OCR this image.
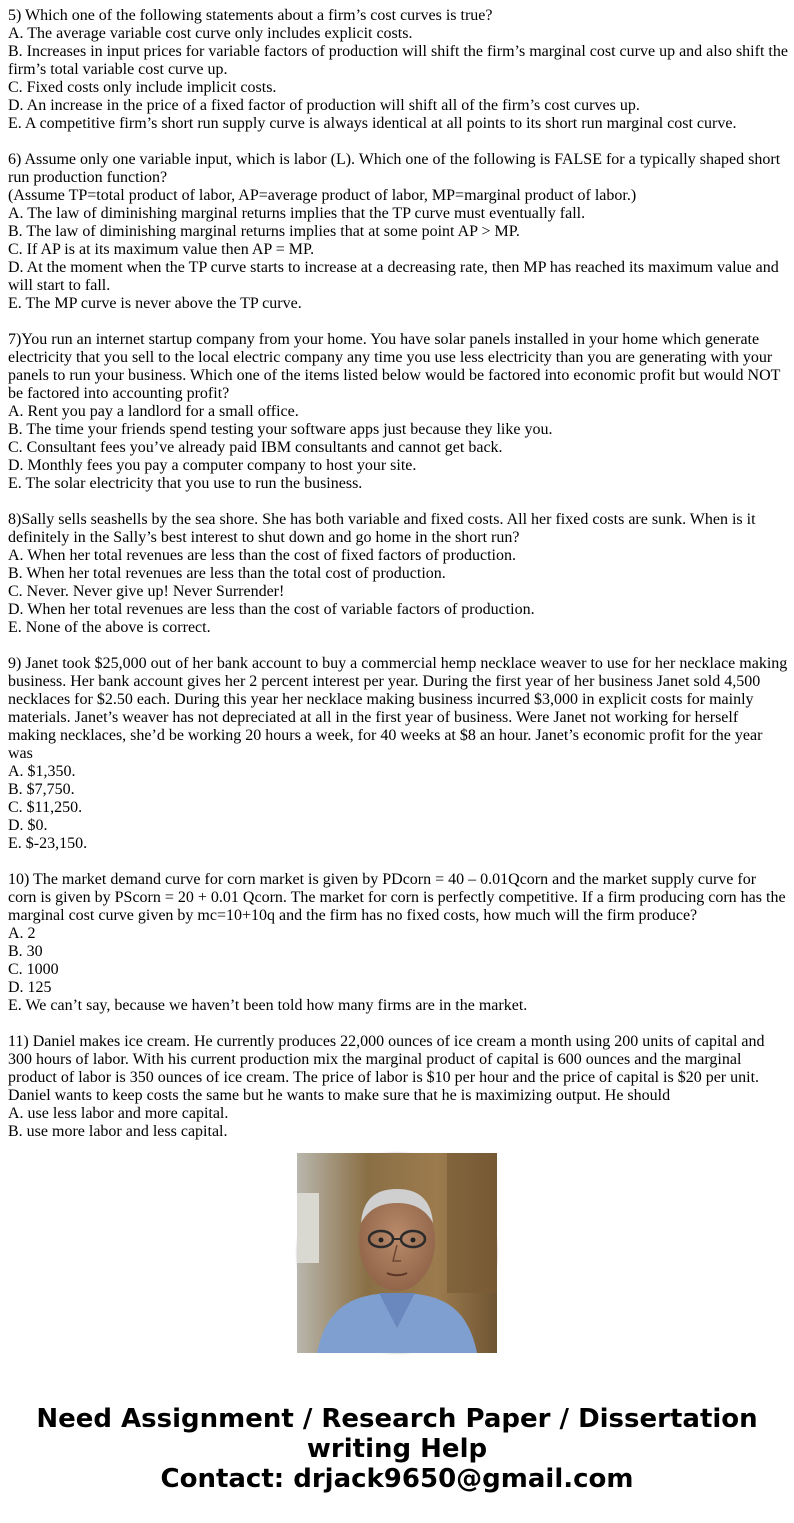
5) Which one of the following statements about a firm’s cost curves is true?

A. The average variable cost curve only includes explicit costs.

B. Increases in input prices for variable factors of production will shift the firm’s marginal cost curve up and also shift the firm’s total variable cost curve up.

C. Fixed costs only include implicit costs.

D. An increase in the price of a fixed factor of production will shift all of the firm’s cost curves up.

E. A competitive firm’s short run supply curve is always identical at all points to its short run marginal cost curve.

6) Assume only one variable input, which is labor (L). Which one of the following is FALSE for a typically shaped short run production function?

(Assume TP=total product of labor, AP=average product of labor, MP=marginal product of labor.)

A. The law of diminishing marginal returns implies that the TP curve must eventually fall.

B. The law of diminishing marginal returns implies that at some point AP > MP.

C. If AP is at its maximum value then AP = MP.

D. At the moment when the TP curve starts to increase at a decreasing rate, then MP has reached its maximum value and will start to fall.

E. The MP curve is never above the TP curve.

7)You run an internet startup company from your home. You have solar panels installed in your home which generate electricity that you sell to the local electric company any time you use less electricity than you are generating with your panels to run your business. Which one of the items listed below would be factored into economic profit but would NOT be factored into accounting profit?

A. Rent you pay a landlord for a small office.

B. The time your friends spend testing your software apps just because they like you.

C. Consultant fees you’ve already paid IBM consultants and cannot get back.

D. Monthly fees you pay a computer company to host your site.

E. The solar electricity that you use to run the business.

8)Sally sells seashells by the sea shore. She has both variable and fixed costs. All her fixed costs are sunk. When is it definitely in the Sally’s best interest to shut down and go home in the short run?

A. When her total revenues are less than the cost of fixed factors of production.

B. When her total revenues are less than the total cost of production.

C. Never. Never give up! Never Surrender!

D. When her total revenues are less than the cost of variable factors of production.

E. None of the above is correct.

9) Janet took $25,000 out of her bank account to buy a commercial hemp necklace weaver to use for her necklace making business. Her bank account gives her 2 percent interest per year. During the first year of her business Janet sold 4,500 necklaces for $2.50 each. During this year her necklace making business incurred $3,000 in explicit costs for mainly materials. Janet’s weaver has not depreciated at all in the first year of business. Were Janet not working for herself making necklaces, she’d be working 20 hours a week, for 40 weeks at $8 an hour. Janet’s economic profit for the year was

A. $1,350.

B. $7,750.

C. $11,250.

D. $0.

E. $-23,150.

10) The market demand curve for corn market is given by PDcorn = 40 – 0.01Qcorn and the market supply curve for corn is given by PScorn = 20 + 0.01 Qcorn. The market for corn is perfectly competitive. If a firm producing corn has the marginal cost curve given by mc=10+10q and the firm has no fixed costs, how much will the firm produce?

A. 2

B. 30

C. 1000

D. 125

E. We can’t say, because we haven’t been told how many firms are in the market.

11) Daniel makes ice cream. He currently produces 22,000 ounces of ice cream a month using 200 units of capital and 300 hours of labor. With his current production mix the marginal product of capital is 600 ounces and the marginal product of labor is 350 ounces of ice cream. The price of labor is $10 per hour and the price of capital is $20 per unit. Daniel wants to keep costs the same but he wants to make sure that he is maximizing output. He should

A. use less labor and more capital.

B. use more labor and less capital.

Need Assignment / Research Paper / Dissertation
writing Help
Contact: drjack9650@gmail.com
